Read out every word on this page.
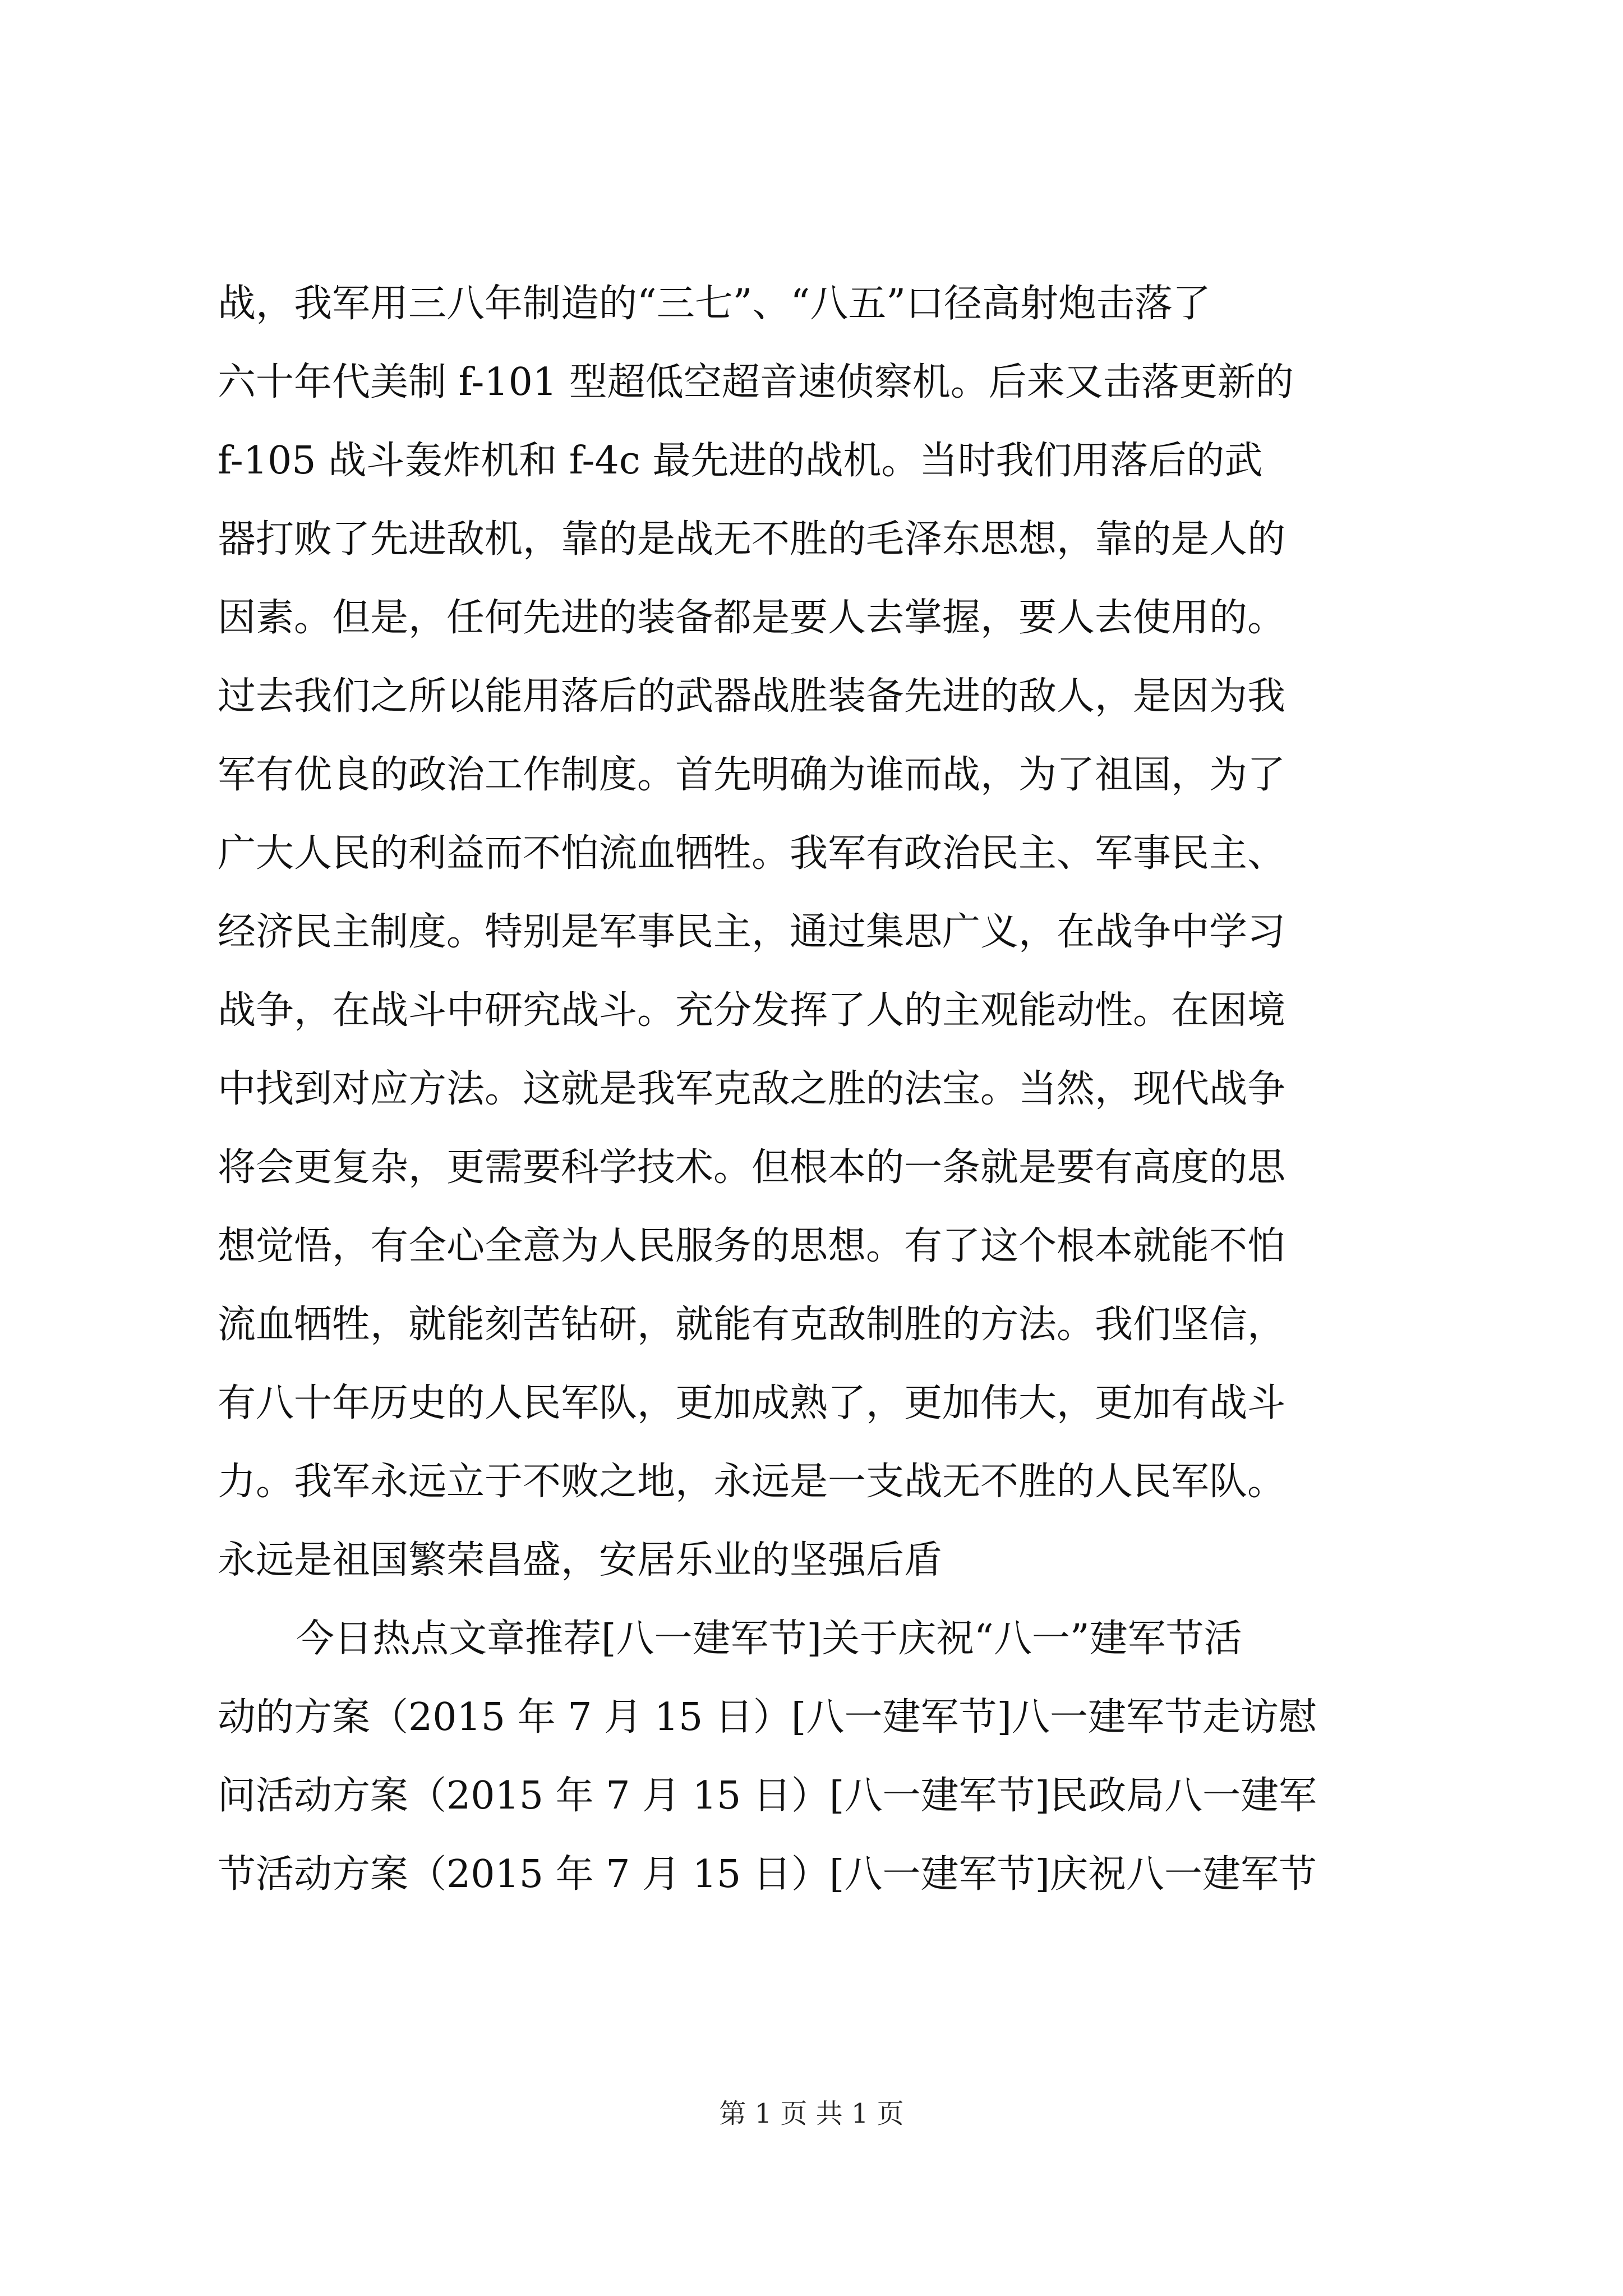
战，我军用三八年制造的“三七”、“八五”口径高射炮击落了
六十年代美制 f-101 型超低空超音速侦察机。后来又击落更新的
f-105 战斗轰炸机和 f-4c 最先进的战机。当时我们用落后的武
器打败了先进敌机，靠的是战无不胜的毛泽东思想，靠的是人的
因素。但是，任何先进的装备都是要人去掌握，要人去使用的。
过去我们之所以能用落后的武器战胜装备先进的敌人，是因为我
军有优良的政治工作制度。首先明确为谁而战，为了祖国，为了
广大人民的利益而不怕流血牺牲。我军有政治民主、军事民主、
经济民主制度。特别是军事民主，通过集思广义，在战争中学习
战争，在战斗中研究战斗。充分发挥了人的主观能动性。在困境
中找到对应方法。这就是我军克敌之胜的法宝。当然，现代战争
将会更复杂，更需要科学技术。但根本的一条就是要有高度的思
想觉悟，有全心全意为人民服务的思想。有了这个根本就能不怕
流血牺牲，就能刻苦钻研，就能有克敌制胜的方法。我们坚信，
有八十年历史的人民军队，更加成熟了，更加伟大，更加有战斗
力。我军永远立于不败之地，永远是一支战无不胜的人民军队。
永远是祖国繁荣昌盛，安居乐业的坚强后盾
今日热点文章推荐[八一建军节]关于庆祝“八一”建军节活
动的方案（2015 年 7 月 15 日）[八一建军节]八一建军节走访慰
问活动方案（2015 年 7 月 15 日）[八一建军节]民政局八一建军
节活动方案（2015 年 7 月 15 日）[八一建军节]庆祝八一建军节
第 1 页 共 1 页
